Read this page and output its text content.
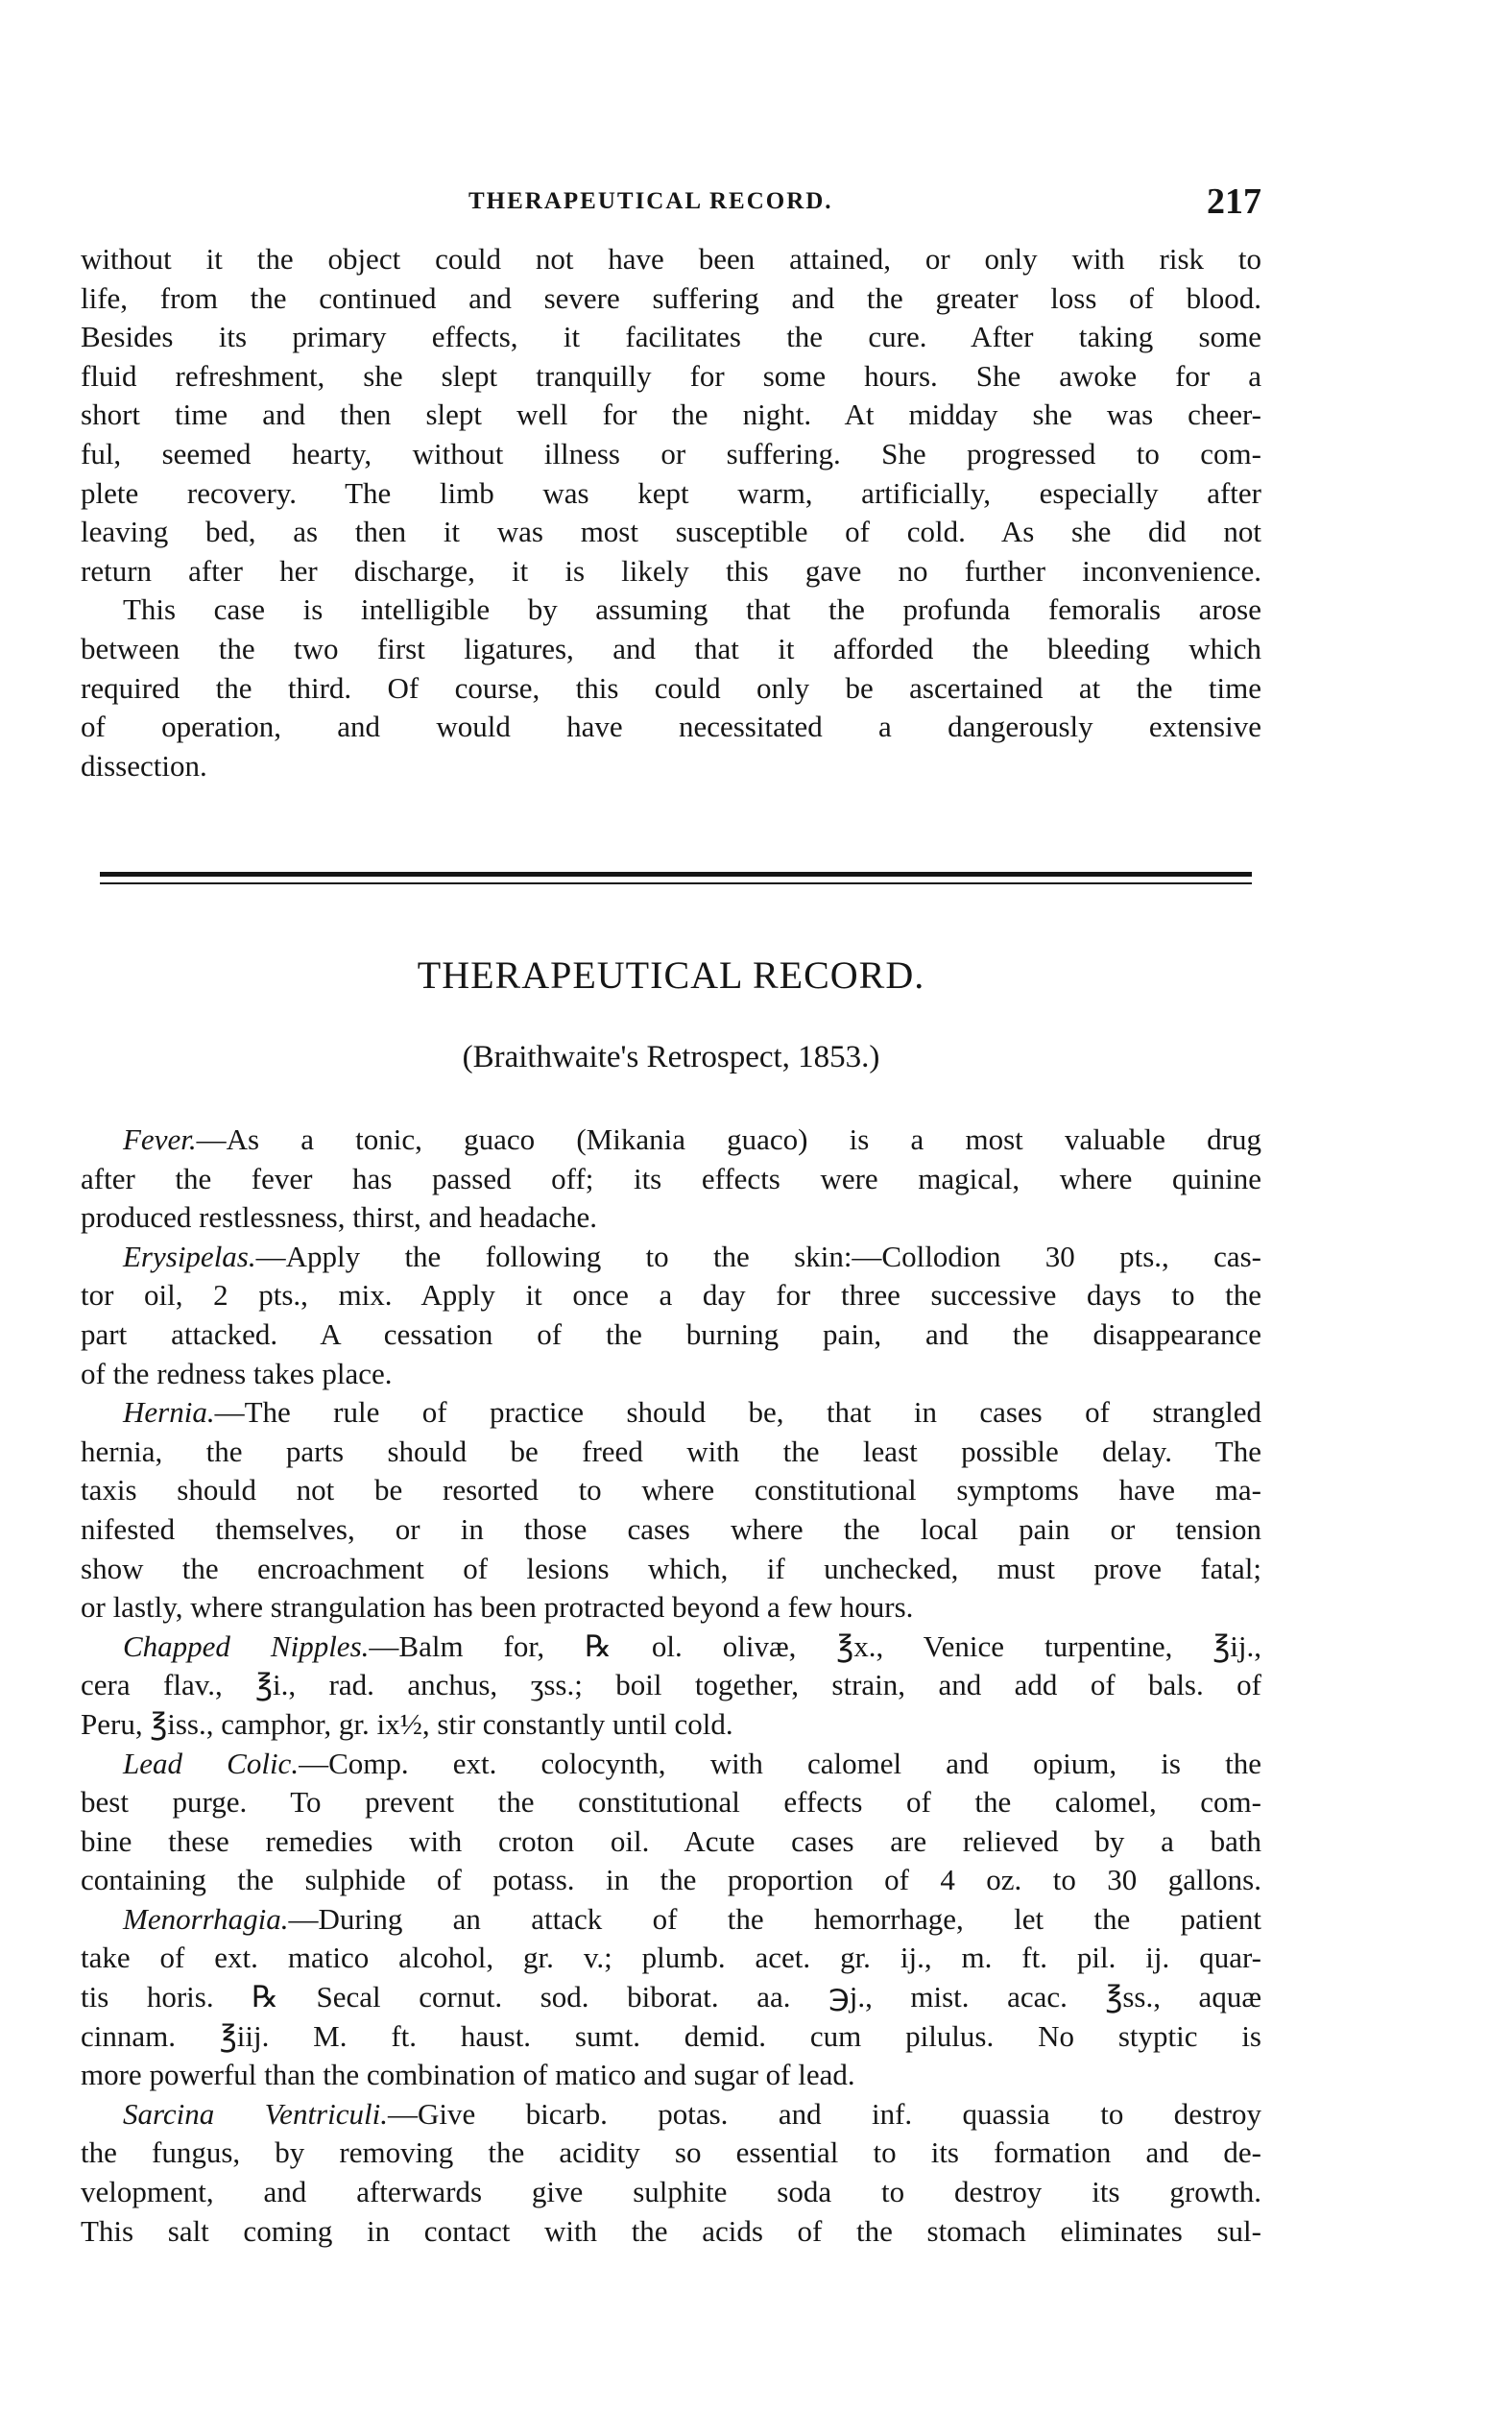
THERAPEUTICAL RECORD.	217
without it the object could not have been attained, or only with risk to
life, from the continued and severe suffering and the greater loss of blood.
Besides its primary effects, it facilitates the cure. After taking some
fluid refreshment, she slept tranquilly for some hours. She awoke for a
short time and then slept well for the night. At midday she was cheer-
ful, seemed hearty, without illness or suffering. She progressed to com-
plete recovery. The limb was kept warm, artificially, especially after
leaving bed, as then it was most susceptible of cold. As she did not
return after her discharge, it is likely this gave no further inconvenience.
This case is intelligible by assuming that the profunda femoralis arose
between the two first ligatures, and that it afforded the bleeding which
required the third. Of course, this could only be ascertained at the time
of operation, and would have necessitated a dangerously extensive
dissection.
THERAPEUTICAL RECORD.
(Braithwaite's Retrospect, 1853.)
Fever.—As a tonic, guaco (Mikania guaco) is a most valuable drug
after the fever has passed off; its effects were magical, where quinine
produced restlessness, thirst, and headache.
Erysipelas.—Apply the following to the skin:—Collodion 30 pts., cas-
tor oil, 2 pts., mix. Apply it once a day for three successive days to the
part attacked. A cessation of the burning pain, and the disappearance
of the redness takes place.
Hernia.—The rule of practice should be, that in cases of strangled
hernia, the parts should be freed with the least possible delay. The
taxis should not be resorted to where constitutional symptoms have ma-
nifested themselves, or in those cases where the local pain or tension
show the encroachment of lesions which, if unchecked, must prove fatal;
or lastly, where strangulation has been protracted beyond a few hours.
Chapped Nipples.—Balm for, ℞ ol. olivæ, ℥x., Venice turpentine, ℥ij.,
cera flav., ℥i., rad. anchus, ʒss.; boil together, strain, and add of bals. of
Peru, ℥iss., camphor, gr. ix½, stir constantly until cold.
Lead Colic.—Comp. ext. colocynth, with calomel and opium, is the
best purge. To prevent the constitutional effects of the calomel, com-
bine these remedies with croton oil. Acute cases are relieved by a bath
containing the sulphide of potass. in the proportion of 4 oz. to 30 gallons.
Menorrhagia.—During an attack of the hemorrhage, let the patient
take of ext. matico alcohol, gr. v.; plumb. acet. gr. ij., m. ft. pil. ij. quar-
tis horis. ℞ Secal cornut. sod. biborat. aa. ℈j., mist. acac. ℥ss., aquæ
cinnam. ℥iij. M. ft. haust. sumt. demid. cum pilulus. No styptic is
more powerful than the combination of matico and sugar of lead.
Sarcina Ventriculi.—Give bicarb. potas. and inf. quassia to destroy
the fungus, by removing the acidity so essential to its formation and de-
velopment, and afterwards give sulphite soda to destroy its growth.
This salt coming in contact with the acids of the stomach eliminates sul-
